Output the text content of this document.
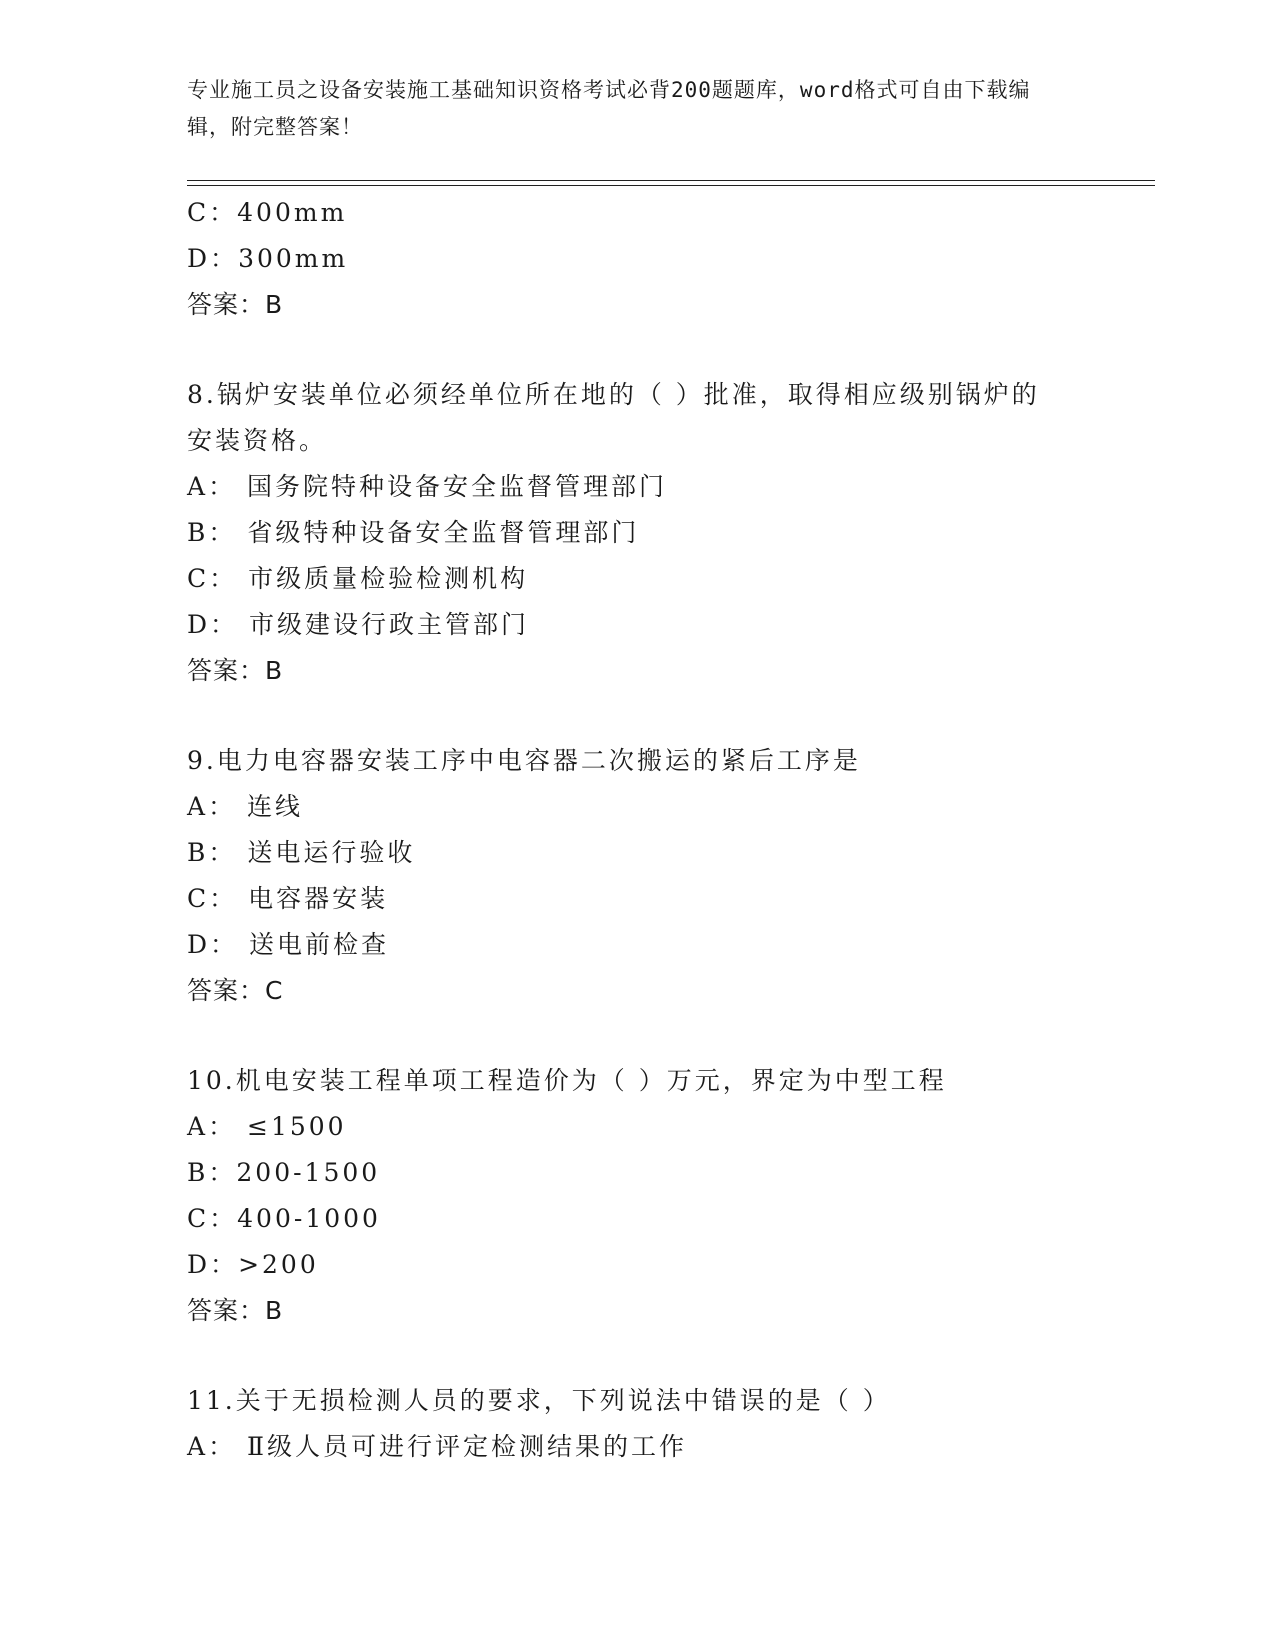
专业施工员之设备安装施工基础知识资格考试必背200题题库，word格式可自由下载编辑，附完整答案！
C：400mm
D：300mm
答案：B
8.锅炉安装单位必须经单位所在地的（ ）批准，取得相应级别锅炉的
安装资格。
A： 国务院特种设备安全监督管理部门
B： 省级特种设备安全监督管理部门
C： 市级质量检验检测机构
D： 市级建设行政主管部门
答案：B
9.电力电容器安装工序中电容器二次搬运的紧后工序是
A： 连线
B： 送电运行验收
C： 电容器安装
D： 送电前检查
答案：C
10.机电安装工程单项工程造价为（ ）万元，界定为中型工程
A： ≤1500
B：200-1500
C：400-1000
D：>200
答案：B
11.关于无损检测人员的要求，下列说法中错误的是（ ）
A： Ⅱ级人员可进行评定检测结果的工作
